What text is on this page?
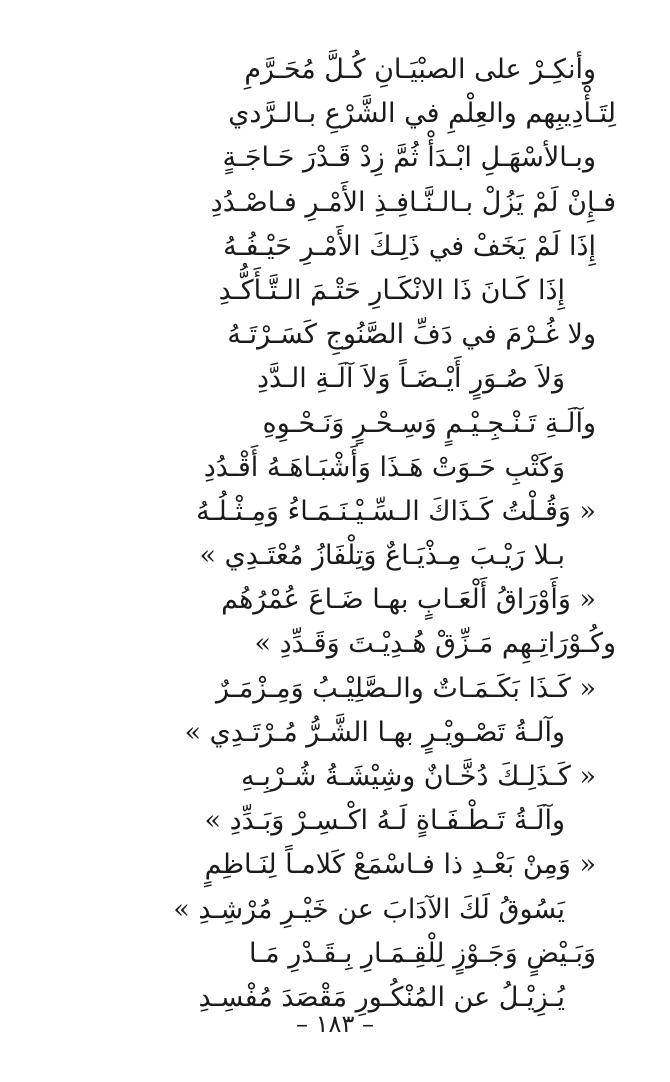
وأنكِـرْ على الصبْيَـانِ كُـلَّ مُحَـرَّمِ
لِتَـأْدِيبِهم والعِلْمِ في الشَّرْعِ بـالـرَّدي
وبـالأسْهَـلِ ابْـدَأْ ثُمَّ زِدْ قَـدْرَ حَـاجَـةٍ
فـإِنْ لَمْ يَزُلْ بـالـنَّـافِـذِ الأَمْـرِ فـاصْـدُدِ
إِذَا لَمْ يَخَفْ في ذَلِـكَ الأَمْـرِ حَيْـفُـهُ
إِذَا كَـانَ ذَا الانْكَـارِ حَتْـمَ الـتَّـأَكُّـدِ
ولا غُـرْمَ في دَفِّ الصَّنُوجِ كَسَـرْتَـهُ
وَلاَ صُـوَرٍ أَيْـضَـاً وَلاَ آلَـةِ الـدَّدِ
وآلَـةِ تَـنْـجِـيْـمٍ وَسِـحْـرٍ وَنَـحْـوِهِ
وَكَتْبِ حَـوَتْ هَـذَا وَأَشْبَـاهَـهُ أَقْـدُدِ
« وَقُـلْتُ كَـذَاكَ الـسِّـيْـنَـمَـاءُ وَمِـثْـلُـهُ
بـلا رَيْـبَ مِـذْيَـاعٌ وَتِلْفَازُ مُعْتَـدِي »
« وَأَوْرَاقُ أَلْعَـابٍ بهـا ضَـاعَ عُمْرُهُم
وكُـوْرَاتِـهِم مَـزِّقْ هُـدِيْـتَ وَقَـدِّدِ »
« كَـذَا بَكَـمَـاتٌ والـصَّلِيْـبُ وَمِـزْمَـرٌ
وآلـةُ تَصْـويْـرٍ بهـا الشَّـرُّ مُـرْتَـدِي »
« كَـذَلِـكَ دُخَّـانٌ وشِيْشَـةُ شُـرْبِـهِ
وآلَـةُ تَـطْـفَـاةٍ لَـهُ اكْـسِـرْ وَبَـدِّدِ »
« وَمِنْ بَعْـدِ ذا فـاسْمَعْ كَلامـاً لِنَـاظِمٍ
يَسُوقُ لَكَ الآدَابَ عن خَيْـرِ مُرْشِـدِ »
وَبَـيْضٍ وَجَـوْزٍ لِلْقِـمَـارِ بِـقَـدْرِ مَـا
يُـزِيْـلُ عن المُنْكُـورِ مَقْصَدَ مُفْسِـدِ
– ١٨٣ –
